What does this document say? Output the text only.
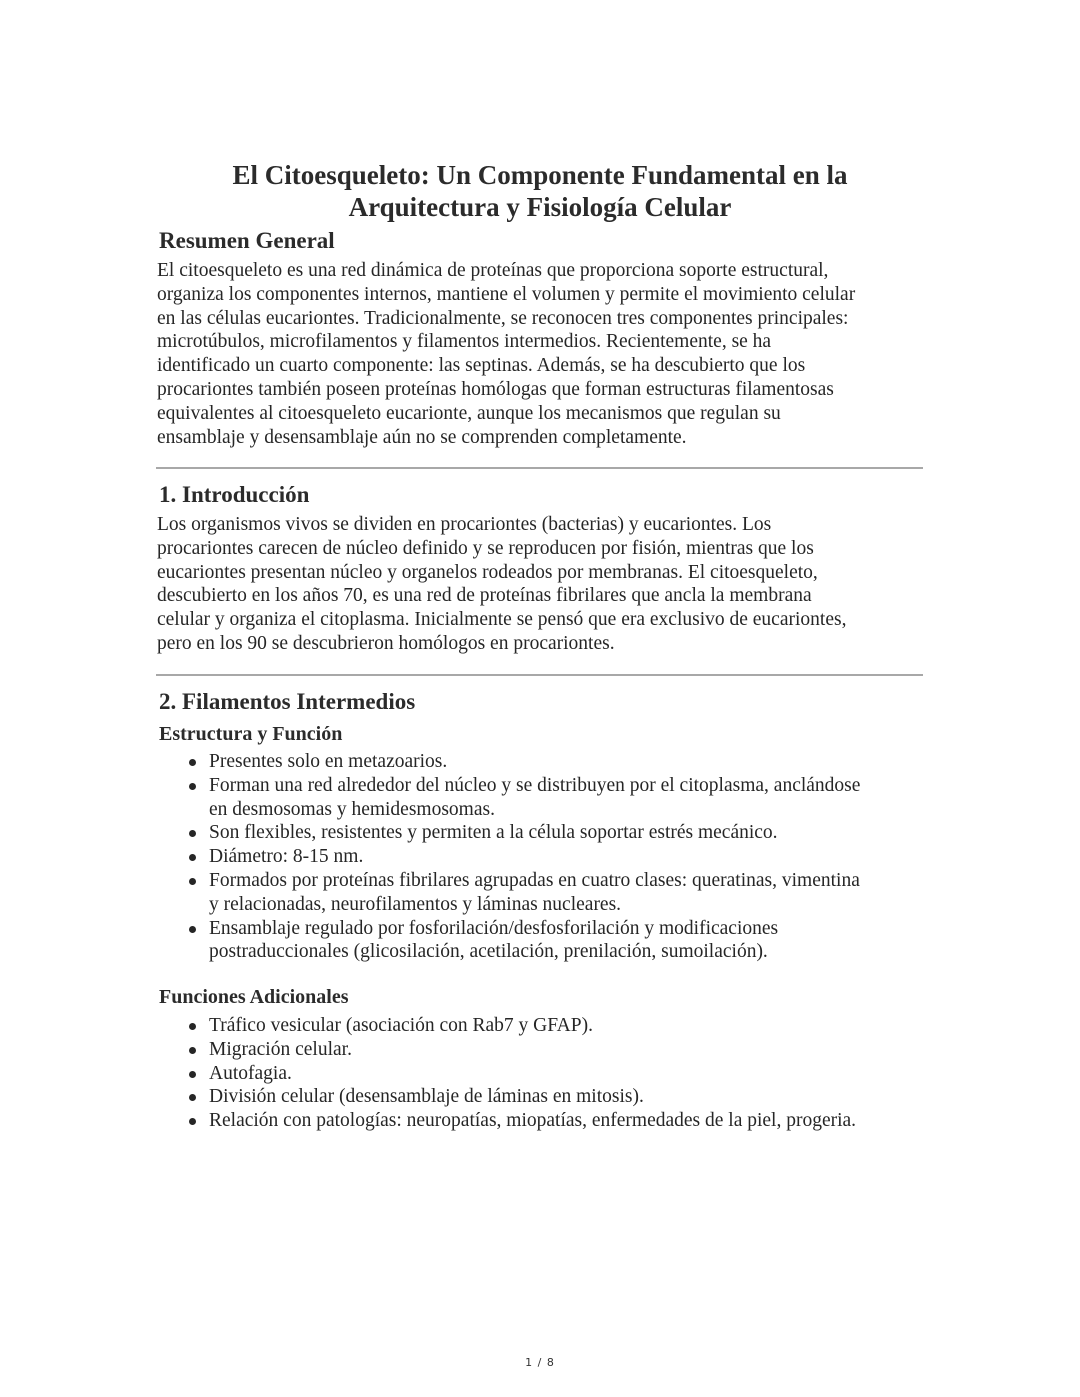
El Citoesqueleto: Un Componente Fundamental en la
Arquitectura y Fisiología Celular
Resumen General
El citoesqueleto es una red dinámica de proteínas que proporciona soporte estructural,
organiza los componentes internos, mantiene el volumen y permite el movimiento celular
en las células eucariontes. Tradicionalmente, se reconocen tres componentes principales:
microtúbulos, microfilamentos y filamentos intermedios. Recientemente, se ha
identificado un cuarto componente: las septinas. Además, se ha descubierto que los
procariontes también poseen proteínas homólogas que forman estructuras filamentosas
equivalentes al citoesqueleto eucarionte, aunque los mecanismos que regulan su
ensamblaje y desensamblaje aún no se comprenden completamente.
1. Introducción
Los organismos vivos se dividen en procariontes (bacterias) y eucariontes. Los
procariontes carecen de núcleo definido y se reproducen por fisión, mientras que los
eucariontes presentan núcleo y organelos rodeados por membranas. El citoesqueleto,
descubierto en los años 70, es una red de proteínas fibrilares que ancla la membrana
celular y organiza el citoplasma. Inicialmente se pensó que era exclusivo de eucariontes,
pero en los 90 se descubrieron homólogos en procariontes.
2. Filamentos Intermedios
Estructura y Función
Presentes solo en metazoarios.
Forman una red alrededor del núcleo y se distribuyen por el citoplasma, anclándose
en desmosomas y hemidesmosomas.
Son flexibles, resistentes y permiten a la célula soportar estrés mecánico.
Diámetro: 8-15 nm.
Formados por proteínas fibrilares agrupadas en cuatro clases: queratinas, vimentina
y relacionadas, neurofilamentos y láminas nucleares.
Ensamblaje regulado por fosforilación/desfosforilación y modificaciones
postraduccionales (glicosilación, acetilación, prenilación, sumoilación).
Funciones Adicionales
Tráfico vesicular (asociación con Rab7 y GFAP).
Migración celular.
Autofagia.
División celular (desensamblaje de láminas en mitosis).
Relación con patologías: neuropatías, miopatías, enfermedades de la piel, progeria.
1 / 8
